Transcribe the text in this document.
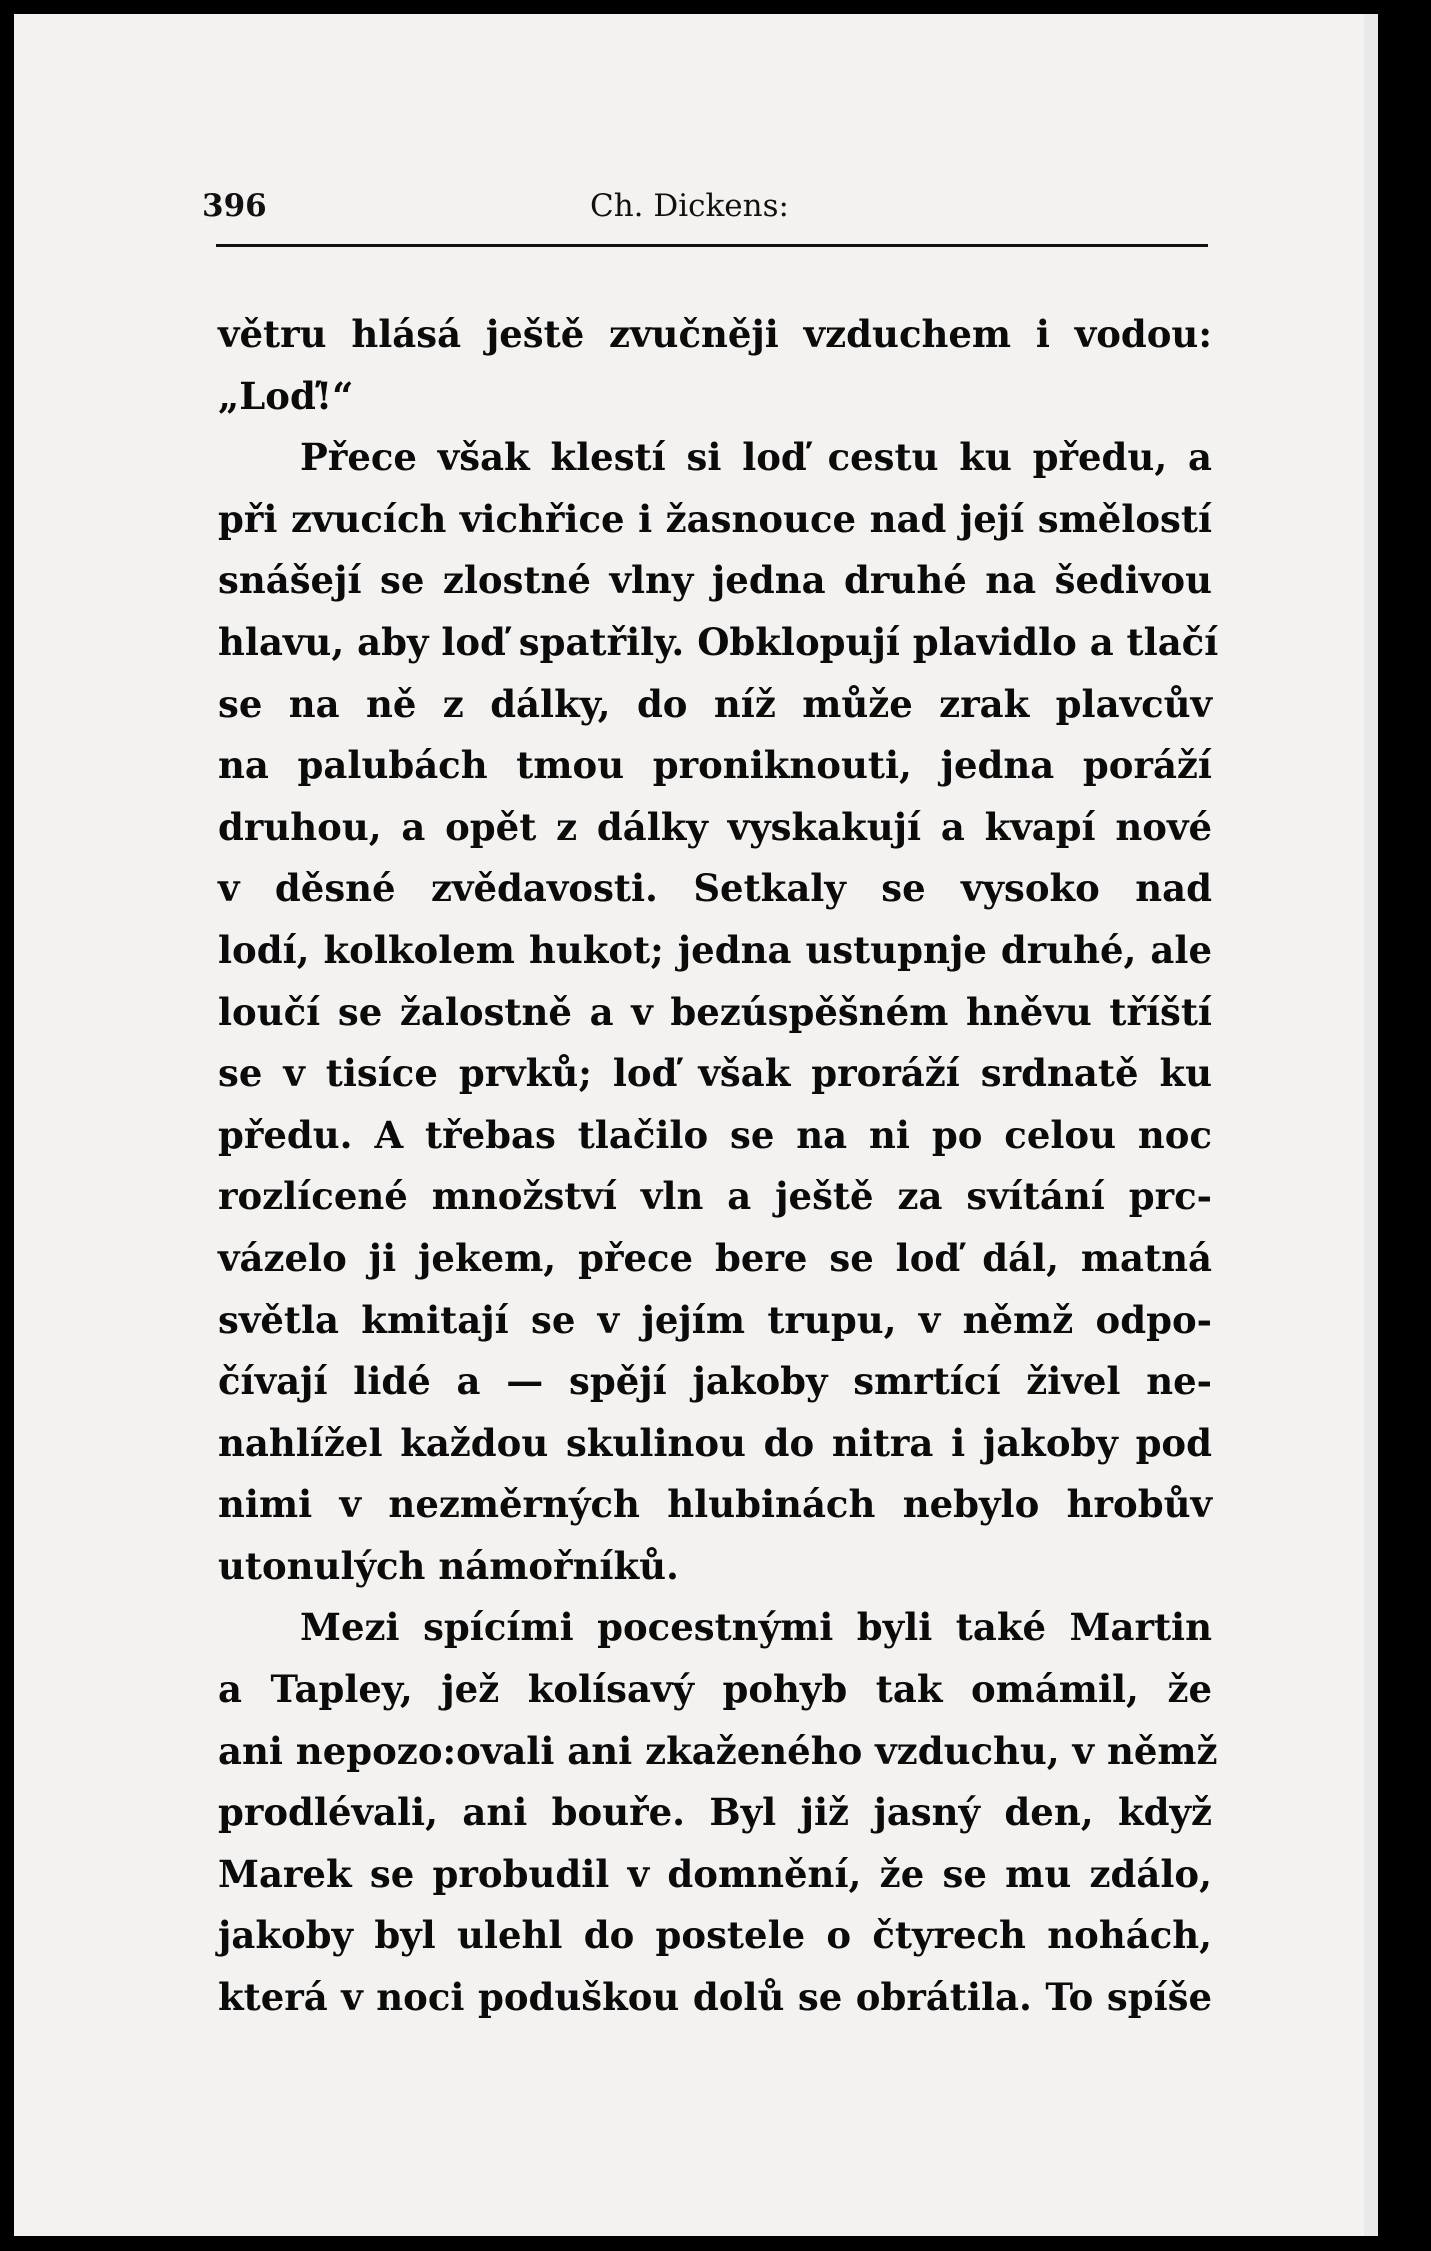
396	Ch. Dickens:
větru hlásá ještě zvučněji vzduchem i vodou:
„Loď!“
Přece však klestí si loď cestu ku předu, a
při zvucích vichřice i žasnouce nad její smělostí
snášejí se zlostné vlny jedna druhé na šedivou
hlavu, aby loď spatřily. Obklopují plavidlo a tlačí
se na ně z dálky, do níž může zrak plavcův
na palubách tmou proniknouti, jedna poráží
druhou, a opět z dálky vyskakují a kvapí nové
v děsné zvědavosti. Setkaly se vysoko nad
lodí, kolkolem hukot; jedna ustupnje druhé, ale
loučí se žalostně a v bezúspěšném hněvu tříští
se v tisíce prvků; loď však proráží srdnatě ku
předu. A třebas tlačilo se na ni po celou noc
rozlícené množství vln a ještě za svítání prc-
vázelo ji jekem, přece bere se loď dál, matná
světla kmitají se v jejím trupu, v němž odpo-
čívají lidé a — spějí jakoby smrtící živel ne-
nahlížel každou skulinou do nitra i jakoby pod
nimi v nezměrných hlubinách nebylo hrobův
utonulých námořníků.
Mezi spícími pocestnými byli také Martin
a Tapley, jež kolísavý pohyb tak omámil, že
ani nepozo:ovali ani zkaženého vzduchu, v němž
prodlévali, ani bouře. Byl již jasný den, když
Marek se probudil v domnění, že se mu zdálo,
jakoby byl ulehl do postele o čtyrech nohách,
která v noci poduškou dolů se obrátila. To spíše
